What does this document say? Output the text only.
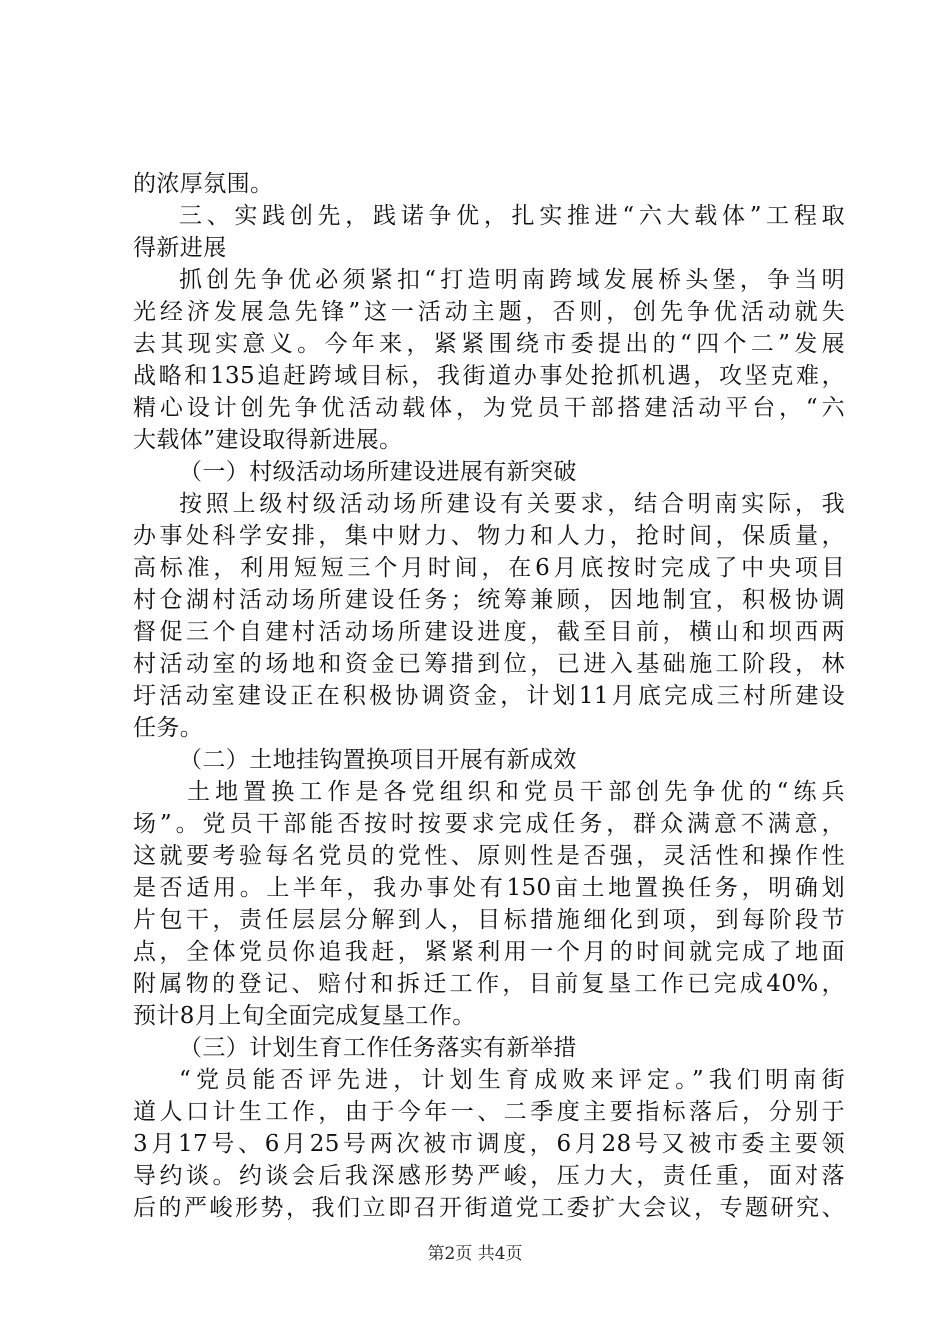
的浓厚氛围。
三、实践创先，践诺争优，扎实推进“六大载体”工程取
得新进展
抓创先争优必须紧扣“打造明南跨域发展桥头堡，争当明
光经济发展急先锋”这一活动主题，否则，创先争优活动就失
去其现实意义。今年来，紧紧围绕市委提出的“四个二”发展
战略和135追赶跨域目标，我街道办事处抢抓机遇，攻坚克难，
精心设计创先争优活动载体，为党员干部搭建活动平台，“六
大载体”建设取得新进展。
（一）村级活动场所建设进展有新突破
按照上级村级活动场所建设有关要求，结合明南实际，我
办事处科学安排，集中财力、物力和人力，抢时间，保质量，
高标准，利用短短三个月时间，在6月底按时完成了中央项目
村仓湖村活动场所建设任务；统筹兼顾，因地制宜，积极协调
督促三个自建村活动场所建设进度，截至目前，横山和坝西两
村活动室的场地和资金已筹措到位，已进入基础施工阶段，林
圩活动室建设正在积极协调资金，计划11月底完成三村所建设
任务。
（二）土地挂钩置换项目开展有新成效
土地置换工作是各党组织和党员干部创先争优的“练兵
场”。党员干部能否按时按要求完成任务，群众满意不满意，
这就要考验每名党员的党性、原则性是否强，灵活性和操作性
是否适用。上半年，我办事处有150亩土地置换任务，明确划
片包干，责任层层分解到人，目标措施细化到项，到每阶段节
点，全体党员你追我赶，紧紧利用一个月的时间就完成了地面
附属物的登记、赔付和拆迁工作，目前复垦工作已完成40%，
预计8月上旬全面完成复垦工作。
（三）计划生育工作任务落实有新举措
“党员能否评先进，计划生育成败来评定。”我们明南街
道人口计生工作，由于今年一、二季度主要指标落后，分别于
3月17号、6月25号两次被市调度，6月28号又被市委主要领
导约谈。约谈会后我深感形势严峻，压力大，责任重，面对落
后的严峻形势，我们立即召开街道党工委扩大会议，专题研究、
第2页 共4页
